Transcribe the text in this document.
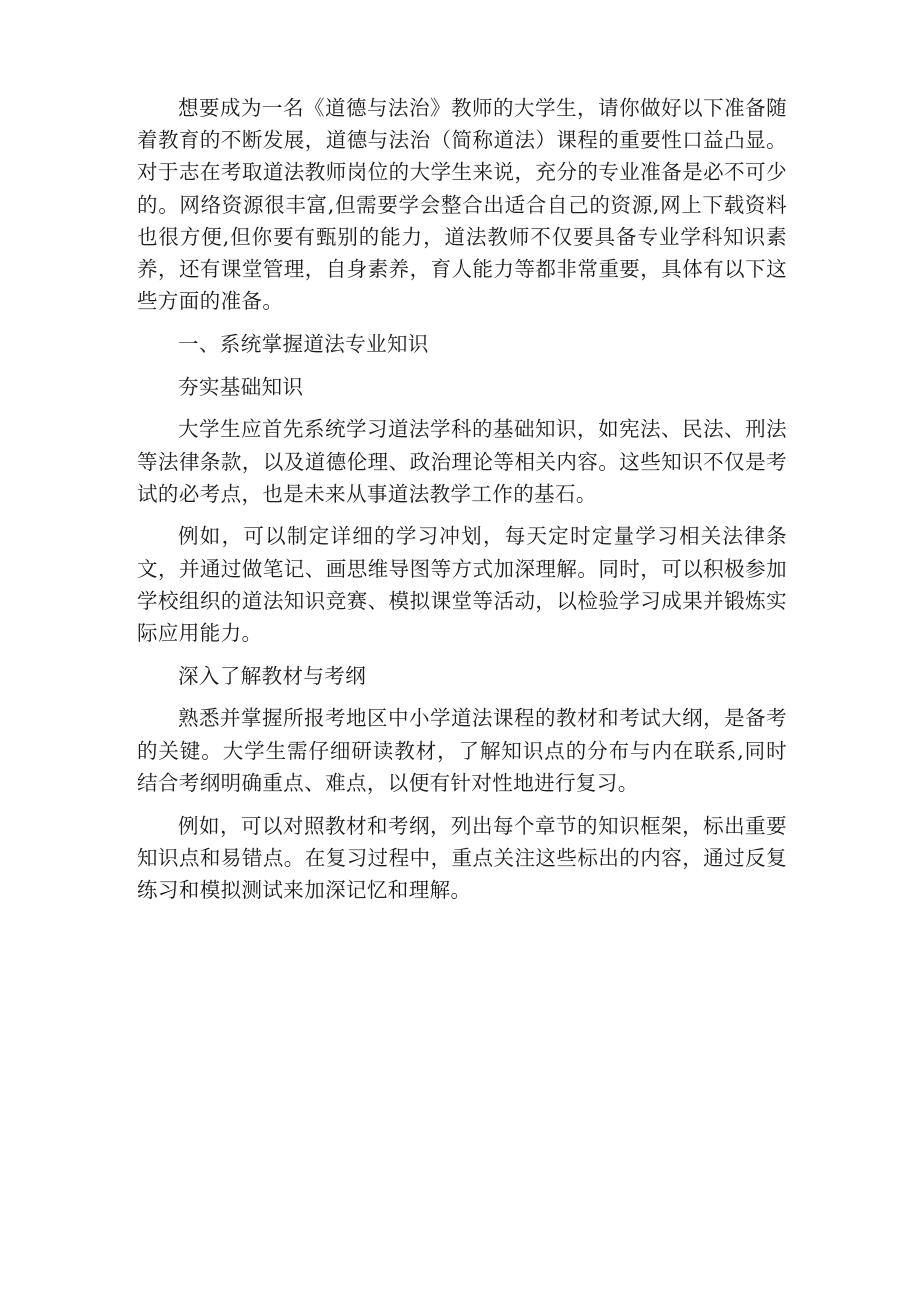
想要成为一名《道德与法治》教师的大学生，请你做好以下准备随着教育的不断发展，道德与法治（简称道法）课程的重要性口益凸显。对于志在考取道法教师岗位的大学生来说，充分的专业准备是必不可少的。网络资源很丰富,但需要学会整合出适合自己的资源,网上下载资料也很方便,但你要有甄别的能力，道法教师不仅要具备专业学科知识素养，还有课堂管理，自身素养，育人能力等都非常重要，具体有以下这些方面的准备。

一、系统掌握道法专业知识

夯实基础知识

大学生应首先系统学习道法学科的基础知识，如宪法、民法、刑法等法律条款，以及道德伦理、政治理论等相关内容。这些知识不仅是考试的必考点，也是未来从事道法教学工作的基石。

例如，可以制定详细的学习冲划，每天定时定量学习相关法律条文，并通过做笔记、画思维导图等方式加深理解。同时，可以积极参加学校组织的道法知识竞赛、模拟课堂等活动，以检验学习成果并锻炼实际应用能力。

深入了解教材与考纲

熟悉并掌握所报考地区中小学道法课程的教材和考试大纲，是备考的关键。大学生需仔细研读教材，了解知识点的分布与内在联系,同时结合考纲明确重点、难点，以便有针对性地进行复习。

例如，可以对照教材和考纲，列出每个章节的知识框架，标出重要知识点和易错点。在复习过程中，重点关注这些标出的内容，通过反复练习和模拟测试来加深记忆和理解。
